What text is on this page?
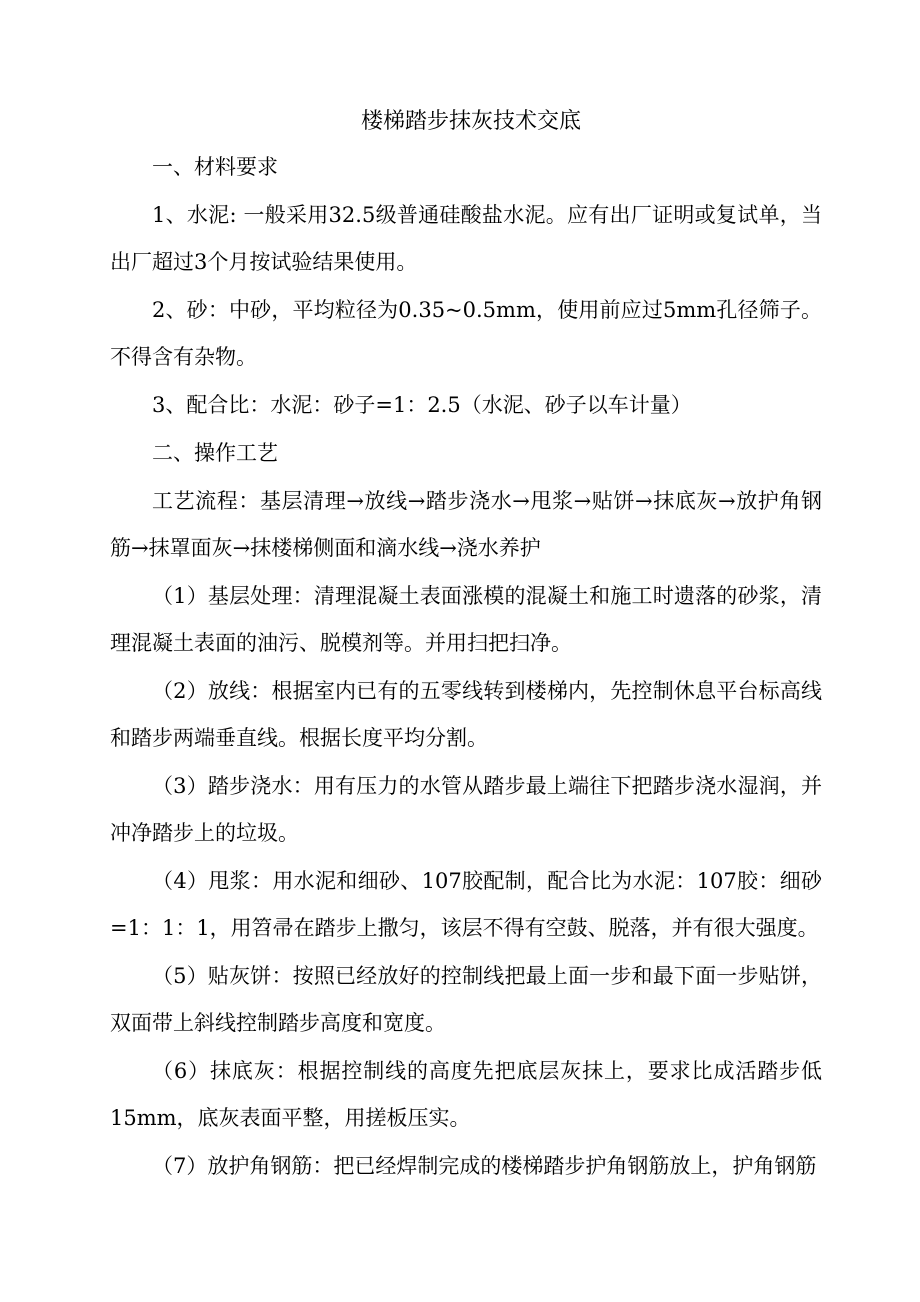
楼梯踏步抹灰技术交底

一、材料要求

1、水泥: 一般采用32.5级普通硅酸盐水泥。应有出厂证明或复试单，当出厂超过3个月按试验结果使用。

2、砂：中砂，平均粒径为0.35~0.5mm，使用前应过5mm孔径筛子。不得含有杂物。

3、配合比：水泥：砂子=1：2.5（水泥、砂子以车计量）

二、操作工艺

工艺流程：基层清理→放线→踏步浇水→甩浆→贴饼→抹底灰→放护角钢筋→抹罩面灰→抹楼梯侧面和滴水线→浇水养护

（1）基层处理：清理混凝土表面涨模的混凝土和施工时遗落的砂浆，清理混凝土表面的油污、脱模剂等。并用扫把扫净。

（2）放线：根据室内已有的五零线转到楼梯内，先控制休息平台标高线和踏步两端垂直线。根据长度平均分割。

（3）踏步浇水：用有压力的水管从踏步最上端往下把踏步浇水湿润，并冲净踏步上的垃圾。

（4）甩浆：用水泥和细砂、107胶配制，配合比为水泥：107胶：细砂=1：1：1，用笤帚在踏步上撒匀，该层不得有空鼓、脱落，并有很大强度。

（5）贴灰饼：按照已经放好的控制线把最上面一步和最下面一步贴饼，双面带上斜线控制踏步高度和宽度。

（6）抹底灰：根据控制线的高度先把底层灰抹上，要求比成活踏步低15mm，底灰表面平整，用搓板压实。

（7）放护角钢筋：把已经焊制完成的楼梯踏步护角钢筋放上，护角钢筋
